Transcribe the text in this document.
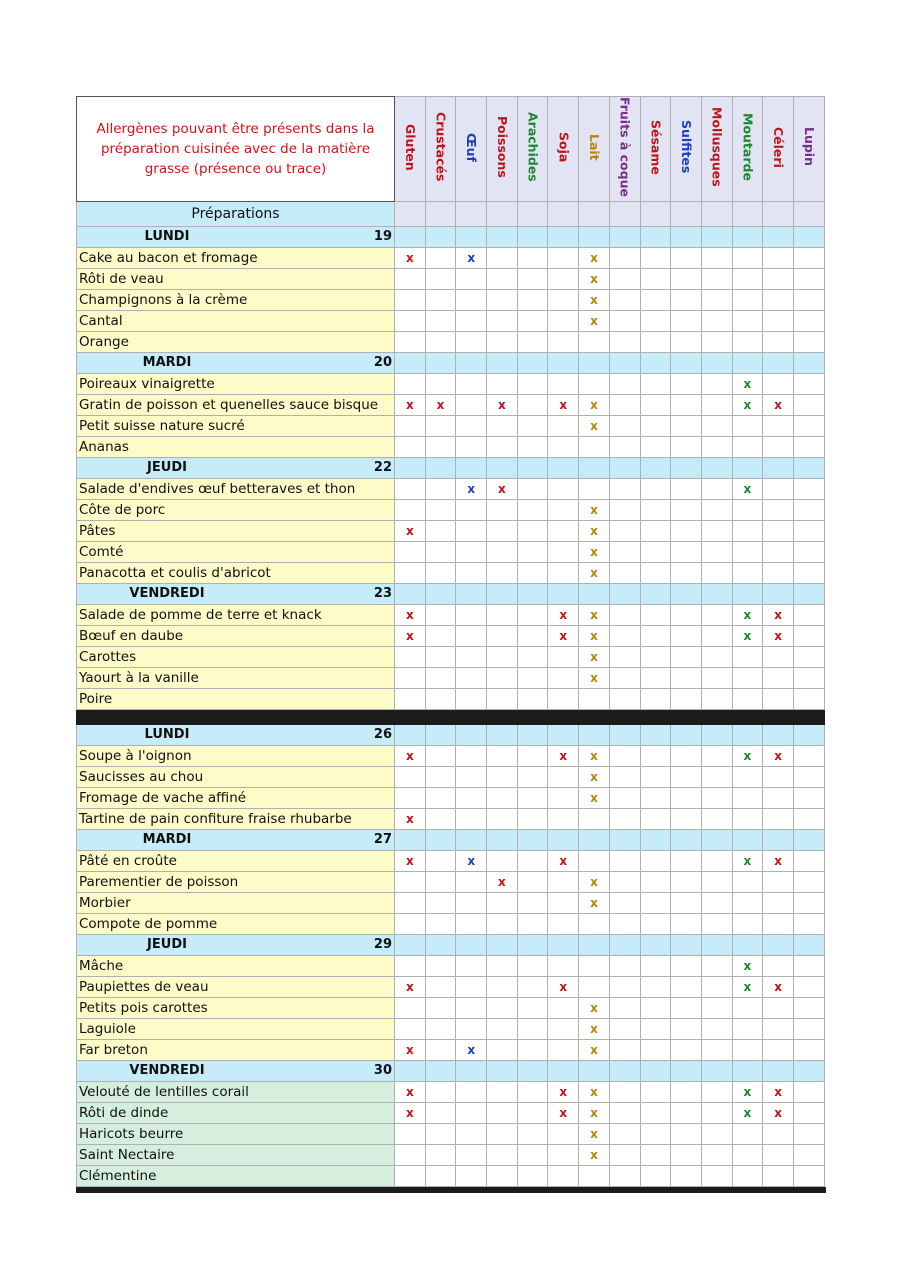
Allergènes pouvant être présents dans la préparation cuisinée avec de la matière grasse (présence ou trace)	Gluten	Crustacés	Œuf	Poissons	Arachides	Soja	Lait	Fruits à coque	Sésame	Sulfites	Mollusques	Moutarde	Céleri	Lupin
Préparations														
LUNDI 19														

Cake au bacon et fromage	x		x				x							
Rôti de veau							x							
Champignons à la crème							x							
Cantal							x							
Orange														
MARDI 20														

Poireaux vinaigrette												x		
Gratin de poisson et quenelles sauce bisque	x	x		x		x	x					x	x	
Petit suisse nature sucré							x							
Ananas														
JEUDI 22														

Salade d'endives œuf betteraves et thon			x	x								x		
Côte de porc							x							
Pâtes	x						x							
Comté							x							
Panacotta et coulis d'abricot							x							
VENDREDI 23														

Salade de pomme de terre et knack	x					x	x					x	x	
Bœuf en daube	x					x	x					x	x	
Carottes							x							
Yaourt à la vanille							x							
Poire														

LUNDI 26														

Soupe à l'oignon	x					x	x					x	x	
Saucisses au chou							x							
Fromage de vache affiné							x							
Tartine de pain confiture fraise rhubarbe	x													
MARDI 27														

Pâté en croûte	x		x			x						x	x	
Parementier de poisson				x			x							
Morbier							x							
Compote de pomme														
JEUDI 29														

Mâche												x		
Paupiettes de veau	x					x						x	x	
Petits pois carottes							x							
Laguiole							x							
Far breton	x		x				x							
VENDREDI 30														

Velouté de lentilles corail	x					x	x					x	x	
Rôti de dinde	x					x	x					x	x	
Haricots beurre							x							
Saint Nectaire							x							
Clémentine														
